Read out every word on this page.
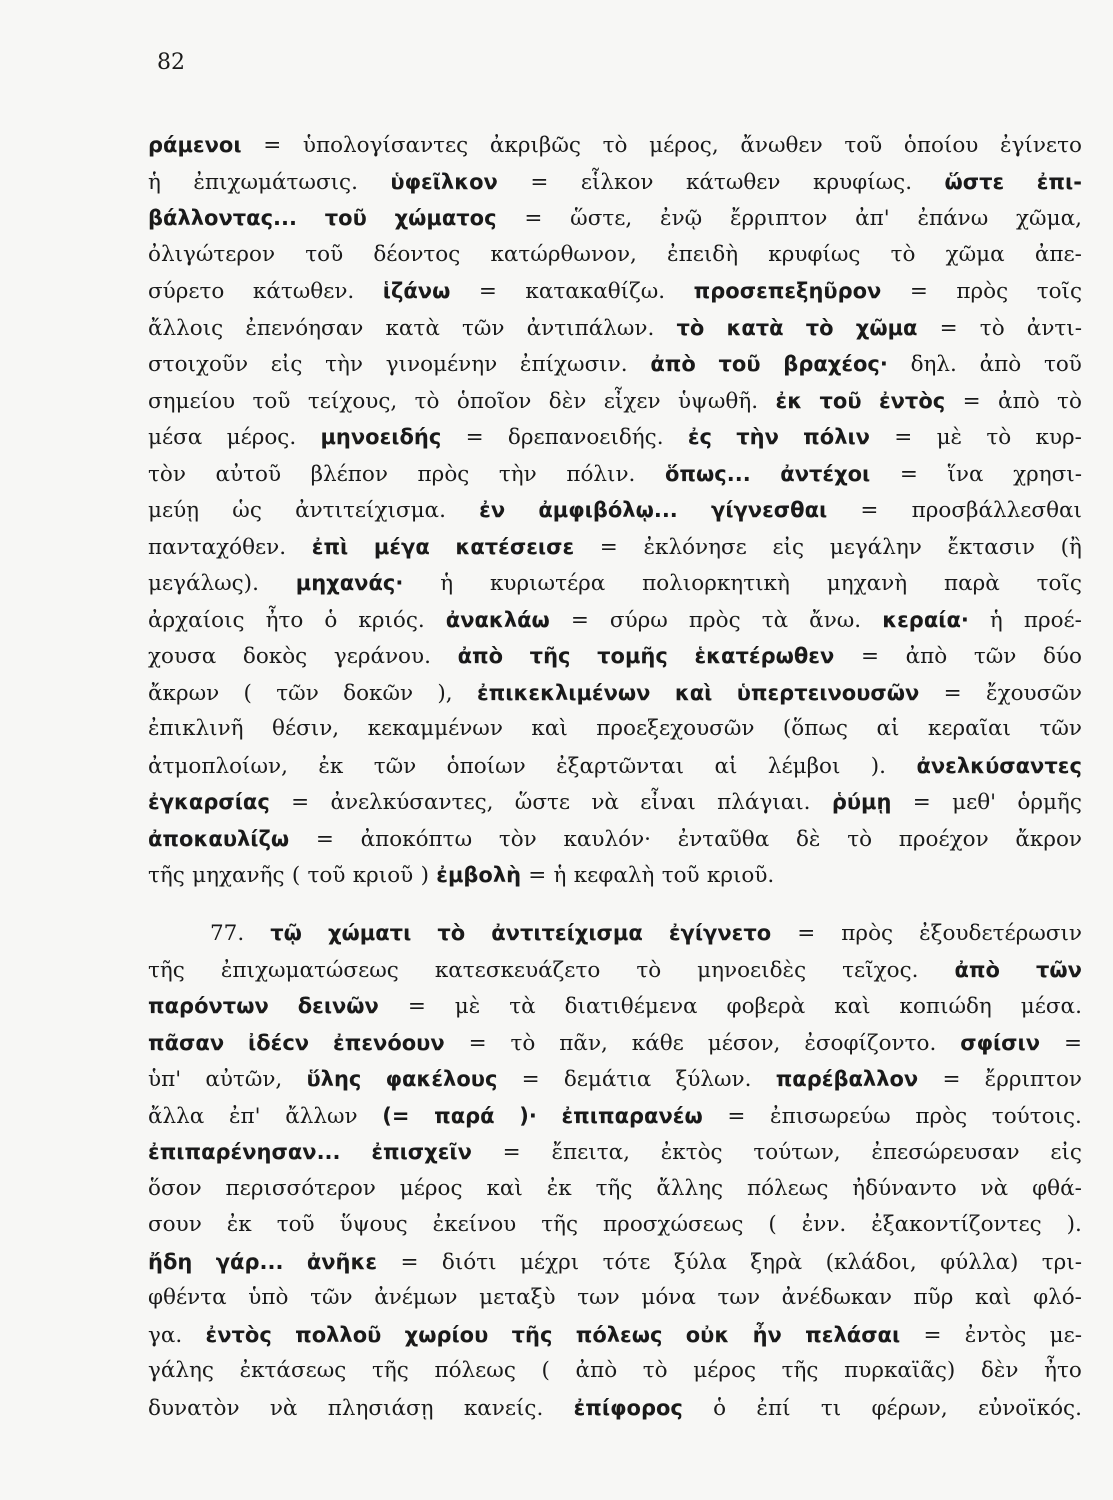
82
ράμενοι = ὑπολογίσαντες ἀκριβῶς τὸ μέρος, ἄνωθεν τοῦ ὁποίου ἐγίνετο
ἡ ἐπιχωμάτωσις. ὑφεῖλκον = εἷλκον κάτωθεν κρυφίως. ὥστε ἐπι-
βάλλοντας... τοῦ χώματος = ὥστε, ἐνῷ ἔρριπτον ἀπ' ἐπάνω χῶμα,
ὀλιγώτερον τοῦ δέοντος κατώρθωνον, ἐπειδὴ κρυφίως τὸ χῶμα ἀπε-
σύρετο κάτωθεν. ἱζάνω = κατακαθίζω. προσεπεξηῦρον = πρὸς τοῖς
ἄλλοις ἐπενόησαν κατὰ τῶν ἀντιπάλων. τὸ κατὰ τὸ χῶμα = τὸ ἀντι-
στοιχοῦν εἰς τὴν γινομένην ἐπίχωσιν. ἀπὸ τοῦ βραχέος· δηλ. ἀπὸ τοῦ
σημείου τοῦ τείχους, τὸ ὁποῖον δὲν εἶχεν ὑψωθῆ. ἐκ τοῦ ἐντὸς = ἀπὸ τὸ
μέσα μέρος. μηνοειδής = δρεπανοειδής. ἐς τὴν πόλιν = μὲ τὸ κυρ-
τὸν αὐτοῦ βλέπον πρὸς τὴν πόλιν. ὅπως... ἀντέχοι = ἵνα χρησι-
μεύῃ ὡς ἀντιτείχισμα. ἐν ἀμφιβόλῳ... γίγνεσθαι = προσβάλλεσθαι
πανταχόθεν. ἐπὶ μέγα κατέσεισε = ἐκλόνησε εἰς μεγάλην ἔκτασιν (ἢ
μεγάλως). μηχανάς· ἡ κυριωτέρα πολιορκητικὴ μηχανὴ παρὰ τοῖς
ἀρχαίοις ἦτο ὁ κριός. ἀνακλάω = σύρω πρὸς τὰ ἄνω. κεραία· ἡ προέ-
χουσα δοκὸς γεράνου. ἀπὸ τῆς τομῆς ἑκατέρωθεν = ἀπὸ τῶν δύο
ἄκρων ( τῶν δοκῶν ), ἐπικεκλιμένων καὶ ὑπερτεινουσῶν = ἔχουσῶν
ἐπικλινῆ θέσιν, κεκαμμένων καὶ προεξεχουσῶν (ὅπως αἱ κεραῖαι τῶν
ἀτμοπλοίων, ἐκ τῶν ὁποίων ἐξαρτῶνται αἱ λέμβοι ). ἀνελκύσαντες
ἐγκαρσίας = ἀνελκύσαντες, ὥστε νὰ εἶναι πλάγιαι. ῥύμῃ = μεθ' ὁρμῆς
ἀποκαυλίζω = ἀποκόπτω τὸν καυλόν· ἐνταῦθα δὲ τὸ προέχον ἄκρον
τῆς μηχανῆς ( τοῦ κριοῦ ) ἐμβολὴ = ἡ κεφαλὴ τοῦ κριοῦ.
77. τῷ χώματι τὸ ἀντιτείχισμα ἐγίγνετο = πρὸς ἐξουδετέρωσιν
τῆς ἐπιχωματώσεως κατεσκευάζετο τὸ μηνοειδὲς τεῖχος. ἀπὸ τῶν
παρόντων δεινῶν = μὲ τὰ διατιθέμενα φοβερὰ καὶ κοπιώδη μέσα.
πᾶσαν ἰδέcν ἐπενόουν = τὸ πᾶν, κάθε μέσον, ἐσοφίζοντο. σφίσιν =
ὑπ' αὐτῶν, ὕλης φακέλους = δεμάτια ξύλων. παρέβαλλον = ἔρριπτον
ἄλλα ἐπ' ἄλλων (= παρά )· ἐπιπαρανέω = ἐπισωρεύω πρὸς τούτοις.
ἐπιπαρένησαν... ἐπισχεῖν = ἔπειτα, ἐκτὸς τούτων, ἐπεσώρευσαν εἰς
ὅσον περισσότερον μέρος καὶ ἐκ τῆς ἄλλης πόλεως ἠδύναντο νὰ φθά-
σουν ἐκ τοῦ ὕψους ἐκείνου τῆς προσχώσεως ( ἐνν. ἐξακοντίζοντες ).
ἤδη γάρ... ἀνῆκε = διότι μέχρι τότε ξύλα ξηρὰ (κλάδοι, φύλλα) τρι-
φθέντα ὑπὸ τῶν ἀνέμων μεταξὺ των μόνα των ἀνέδωκαν πῦρ καὶ φλό-
γα. ἐντὸς πολλοῦ χωρίου τῆς πόλεως οὐκ ἦν πελάσαι = ἐντὸς με-
γάλης ἐκτάσεως τῆς πόλεως ( ἀπὸ τὸ μέρος τῆς πυρκαϊᾶς) δὲν ἦτο
δυνατὸν νὰ πλησιάσῃ κανείς. ἐπίφορος ὁ ἐπί τι φέρων, εὐνοϊκός.
